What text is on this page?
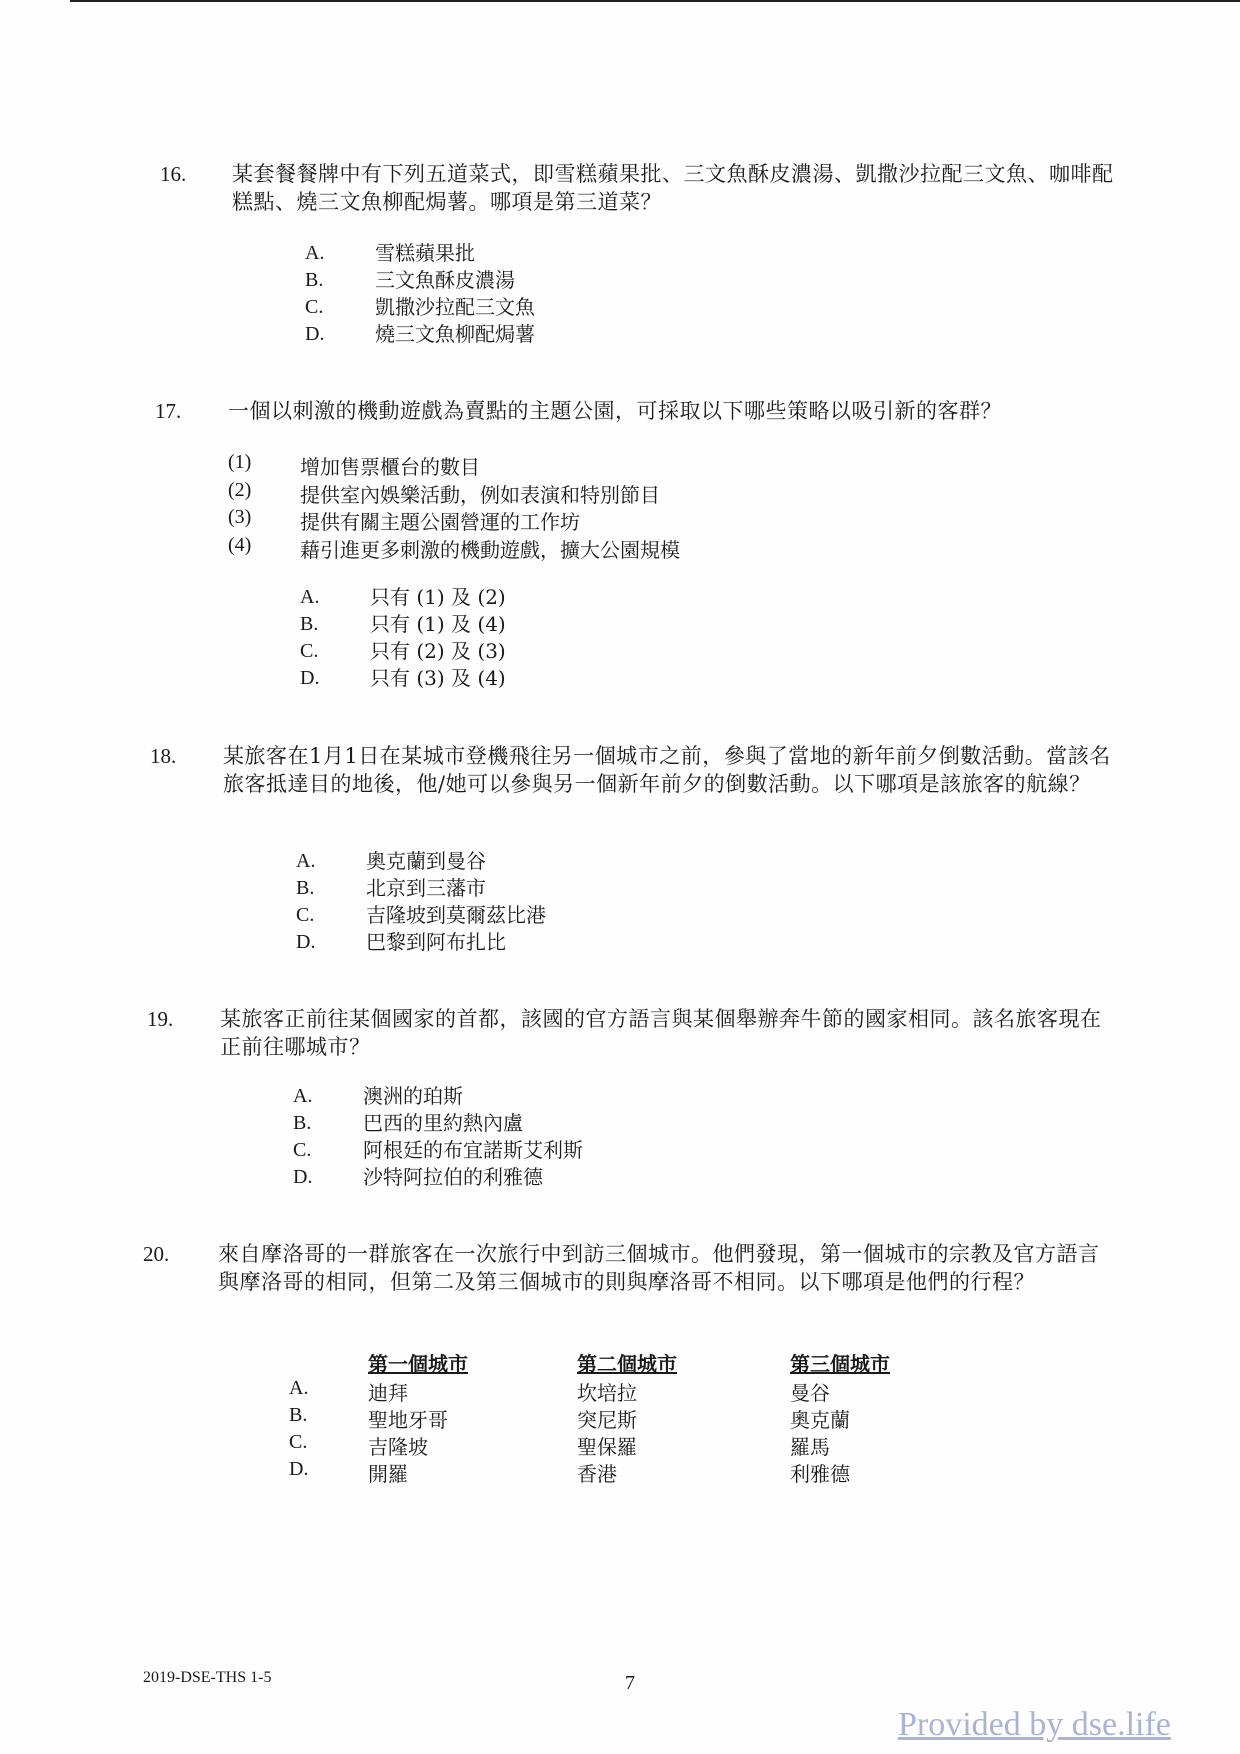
16. 某套餐餐牌中有下列五道菜式，即雪糕蘋果批、三文魚酥皮濃湯、凱撒沙拉配三文魚、咖啡配糕點、燒三文魚柳配焗薯。哪項是第三道菜？
A.	雪糕蘋果批
B.	三文魚酥皮濃湯
C.	凱撒沙拉配三文魚
D.	燒三文魚柳配焗薯
17. 一個以刺激的機動遊戲為賣點的主題公園，可採取以下哪些策略以吸引新的客群？
(1) 增加售票櫃台的數目
(2) 提供室內娛樂活動，例如表演和特別節目
(3) 提供有關主題公園營運的工作坊
(4) 藉引進更多刺激的機動遊戲，擴大公園規模
A.	只有 (1) 及 (2)
B.	只有 (1) 及 (4)
C.	只有 (2) 及 (3)
D.	只有 (3) 及 (4)
18. 某旅客在1月1日在某城市登機飛往另一個城市之前，參與了當地的新年前夕倒數活動。當該名旅客抵達目的地後，他/她可以參與另一個新年前夕的倒數活動。以下哪項是該旅客的航線？
A.	奧克蘭到曼谷
B.	北京到三藩市
C.	吉隆坡到莫爾茲比港
D.	巴黎到阿布扎比
19. 某旅客正前往某個國家的首都，該國的官方語言與某個舉辦奔牛節的國家相同。該名旅客現在正前往哪城市？
A.	澳洲的珀斯
B.	巴西的里約熱內盧
C.	阿根廷的布宜諾斯艾利斯
D.	沙特阿拉伯的利雅德
20. 來自摩洛哥的一群旅客在一次旅行中到訪三個城市。他們發現，第一個城市的宗教及官方語言與摩洛哥的相同，但第二及第三個城市的則與摩洛哥不相同。以下哪項是他們的行程？
第一個城市	第二個城市	第三個城市
A.	迪拜	坎培拉	曼谷
B.	聖地牙哥	突尼斯	奧克蘭
C.	吉隆坡	聖保羅	羅馬
D.	開羅	香港	利雅德
2019-DSE-THS 1-5	7
Provided by dse.life
